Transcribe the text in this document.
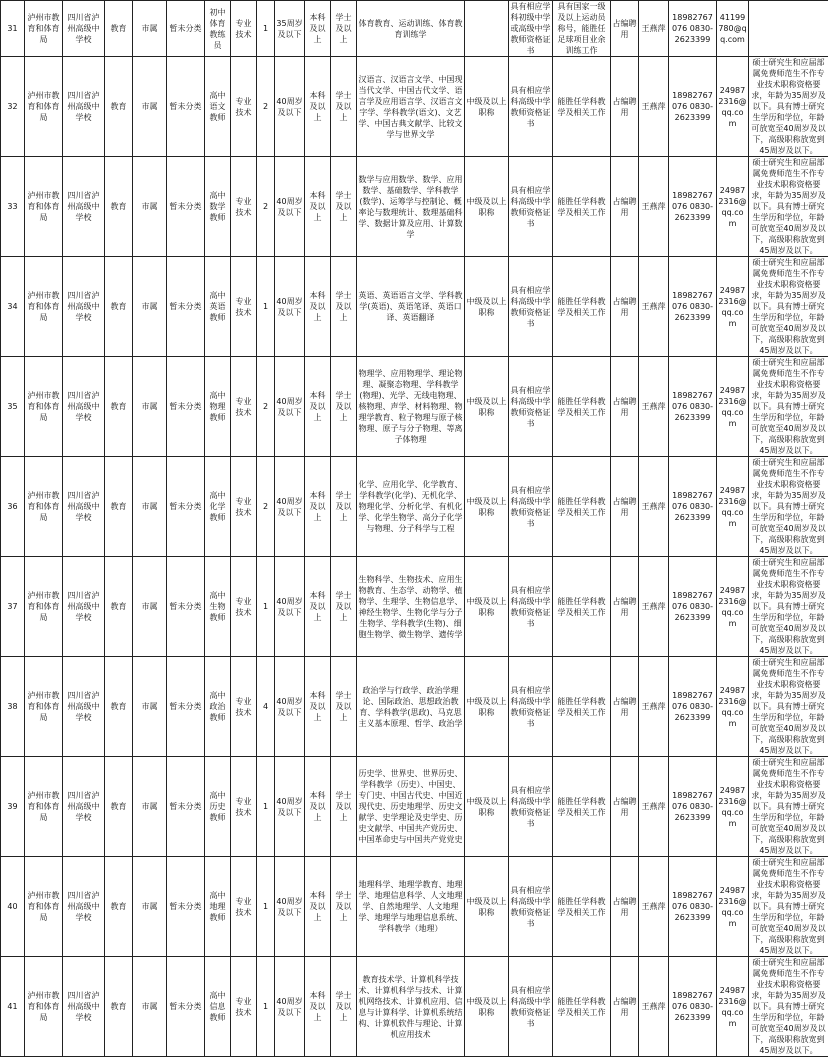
31	泸州市教育和体育局	四川省泸州高级中学校	教育	市属	暂未分类	初中体育教练员	专业技术	1	35周岁及以下	本科及以上	学士及以上	体育教育、运动训练、体育教育训练学		具有相应学科初级中学或高级中学教师资格证书	具有国家一级及以上运动员称号，能胜任足球项目业余训练工作	占编聘用	王燕萍	18982767076 0830-2623399	41199780@qq.com	
32	泸州市教育和体育局	四川省泸州高级中学校	教育	市属	暂未分类	高中语文教师	专业技术	2	40周岁及以下	本科及以上	学士及以上	汉语言、汉语言文学、中国现当代文学、中国古代文学、语言学及应用语言学、汉语言文字学、学科教学(语文)、文艺学、中国古典文献学、比较文学与世界文学	中级及以上职称	具有相应学科高级中学教师资格证书	能胜任学科教学及相关工作	占编聘用	王燕萍	18982767076 0830-2623399	249872316@qq.com	硕士研究生和应届部属免费师范生不作专业技术职称资格要求，年龄为35周岁及以下。具有博士研究生学历和学位，年龄可放宽至40周岁及以下，高级职称放宽到45周岁及以下。
33	泸州市教育和体育局	四川省泸州高级中学校	教育	市属	暂未分类	高中数学教师	专业技术	2	40周岁及以下	本科及以上	学士及以上	数学与应用数学、数学、应用数学、基础数学、学科教学(数学)、运筹学与控制论、概率论与数理统计、数理基础科学、数据计算及应用、计算数学	中级及以上职称	具有相应学科高级中学教师资格证书	能胜任学科教学及相关工作	占编聘用	王燕萍	18982767076 0830-2623399	249872316@qq.com	硕士研究生和应届部属免费师范生不作专业技术职称资格要求，年龄为35周岁及以下。具有博士研究生学历和学位，年龄可放宽至40周岁及以下，高级职称放宽到45周岁及以下。
34	泸州市教育和体育局	四川省泸州高级中学校	教育	市属	暂未分类	高中英语教师	专业技术	1	40周岁及以下	本科及以上	学士及以上	英语、英语语言文学、学科教学(英语)、英语笔译、英语口译、英语翻译	中级及以上职称	具有相应学科高级中学教师资格证书	能胜任学科教学及相关工作	占编聘用	王燕萍	18982767076 0830-2623399	249872316@qq.com	硕士研究生和应届部属免费师范生不作专业技术职称资格要求，年龄为35周岁及以下。具有博士研究生学历和学位，年龄可放宽至40周岁及以下，高级职称放宽到45周岁及以下。
35	泸州市教育和体育局	四川省泸州高级中学校	教育	市属	暂未分类	高中物理教师	专业技术	2	40周岁及以下	本科及以上	学士及以上	物理学、应用物理学、理论物理、凝聚态物理、学科教学(物理)、光学、无线电物理、核物理、声学、材料物理、物理学教育、粒子物理与原子核物理、原子与分子物理、等离子体物理	中级及以上职称	具有相应学科高级中学教师资格证书	能胜任学科教学及相关工作	占编聘用	王燕萍	18982767076 0830-2623399	249872316@qq.com	硕士研究生和应届部属免费师范生不作专业技术职称资格要求，年龄为35周岁及以下。具有博士研究生学历和学位，年龄可放宽至40周岁及以下，高级职称放宽到45周岁及以下。
36	泸州市教育和体育局	四川省泸州高级中学校	教育	市属	暂未分类	高中化学教师	专业技术	2	40周岁及以下	本科及以上	学士及以上	化学、应用化学、化学教育、学科教学(化学)、无机化学、物理化学、分析化学、有机化学、化学生物学、高分子化学与物理、分子科学与工程	中级及以上职称	具有相应学科高级中学教师资格证书	能胜任学科教学及相关工作	占编聘用	王燕萍	18982767076 0830-2623399	249872316@qq.com	硕士研究生和应届部属免费师范生不作专业技术职称资格要求，年龄为35周岁及以下。具有博士研究生学历和学位，年龄可放宽至40周岁及以下，高级职称放宽到45周岁及以下。
37	泸州市教育和体育局	四川省泸州高级中学校	教育	市属	暂未分类	高中生物教师	专业技术	1	40周岁及以下	本科及以上	学士及以上	生物科学、生物技术、应用生物教育、生态学、动物学、植物学、生理学、生物信息学、神经生物学、生物化学与分子生物学、学科教学(生物)、细胞生物学、微生物学、遗传学	中级及以上职称	具有相应学科高级中学教师资格证书	能胜任学科教学及相关工作	占编聘用	王燕萍	18982767076 0830-2623399	249872316@qq.com	硕士研究生和应届部属免费师范生不作专业技术职称资格要求，年龄为35周岁及以下。具有博士研究生学历和学位，年龄可放宽至40周岁及以下，高级职称放宽到45周岁及以下。
38	泸州市教育和体育局	四川省泸州高级中学校	教育	市属	暂未分类	高中政治教师	专业技术	4	40周岁及以下	本科及以上	学士及以上	政治学与行政学、政治学理论、国际政治、思想政治教育、学科教学(思政)、马克思主义基本原理、哲学、政治学	中级及以上职称	具有相应学科高级中学教师资格证书	能胜任学科教学及相关工作	占编聘用	王燕萍	18982767076 0830-2623399	249872316@qq.com	硕士研究生和应届部属免费师范生不作专业技术职称资格要求，年龄为35周岁及以下。具有博士研究生学历和学位，年龄可放宽至40周岁及以下，高级职称放宽到45周岁及以下。
39	泸州市教育和体育局	四川省泸州高级中学校	教育	市属	暂未分类	高中历史教师	专业技术	1	40周岁及以下	本科及以上	学士及以上	历史学、世界史、世界历史、学科教学（历史）、中国史、专门史、中国古代史、中国近现代史、历史地理学、历史文献学、史学理论及史学史、历史文献学、中国共产党历史、中国革命史与中国共产党党史	中级及以上职称	具有相应学科高级中学教师资格证书	能胜任学科教学及相关工作	占编聘用	王燕萍	18982767076 0830-2623399	249872316@qq.com	硕士研究生和应届部属免费师范生不作专业技术职称资格要求，年龄为35周岁及以下。具有博士研究生学历和学位，年龄可放宽至40周岁及以下，高级职称放宽到45周岁及以下。
40	泸州市教育和体育局	四川省泸州高级中学校	教育	市属	暂未分类	高中地理教师	专业技术	1	40周岁及以下	本科及以上	学士及以上	地理科学、地理学教育、地理学、地理信息科学、人文地理学、自然地理学、人文地理学、地理学与地理信息系统、学科教学（地理）	中级及以上职称	具有相应学科高级中学教师资格证书	能胜任学科教学及相关工作	占编聘用	王燕萍	18982767076 0830-2623399	249872316@qq.com	硕士研究生和应届部属免费师范生不作专业技术职称资格要求，年龄为35周岁及以下。具有博士研究生学历和学位，年龄可放宽至40周岁及以下，高级职称放宽到45周岁及以下。
41	泸州市教育和体育局	四川省泸州高级中学校	教育	市属	暂未分类	高中信息教师	专业技术	1	40周岁及以下	本科及以上	学士及以上	教育技术学、计算机科学技术、计算机科学与技术、计算机网络技术、计算机应用、信息与计算科学、计算机系统结构、计算机软件与理论、计算机应用技术	中级及以上职称	具有相应学科高级中学教师资格证书	能胜任学科教学及相关工作	占编聘用	王燕萍	18982767076 0830-2623399	249872316@qq.com	硕士研究生和应届部属免费师范生不作专业技术职称资格要求，年龄为35周岁及以下。具有博士研究生学历和学位，年龄可放宽至40周岁及以下，高级职称放宽到45周岁及以下。
